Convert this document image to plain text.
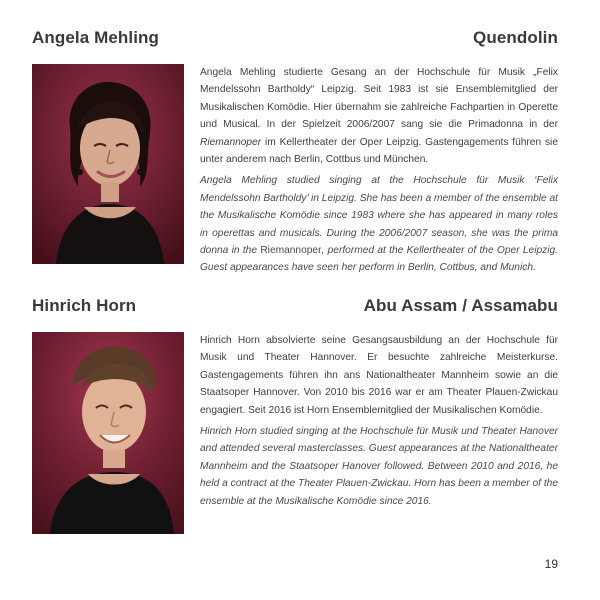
Angela Mehling	Quendolin

Angela Mehling studierte Gesang an der Hochschule für Musik „Felix Mendelssohn Bartholdy“ Leipzig. Seit 1983 ist sie Ensemblemitglied der Musikalischen Komödie. Hier übernahm sie zahlreiche Fachpartien in Operette und Musical. In der Spielzeit 2006/2007 sang sie die Primadonna in der Riemannoper im Kellertheater der Oper Leipzig. Gastengagements führen sie unter anderem nach Berlin, Cottbus und München.

Angela Mehling studied singing at the Hochschule für Musik ‘Felix Mendelssohn Bartholdy’ in Leipzig. She has been a member of the ensemble at the Musikalische Komödie since 1983 where she has appeared in many roles in operettas and musicals. During the 2006/2007 season, she was the prima donna in the Riemannoper, performed at the Kellertheater of the Oper Leipzig. Guest appearances have seen her perform in Berlin, Cottbus, and Munich.

Hinrich Horn	Abu Assam / Assamabu

Hinrich Horn absolvierte seine Gesangsausbildung an der Hochschule für Musik und Theater Hannover. Er besuchte zahlreiche Meisterkurse. Gastengagements führen ihn ans Nationaltheater Mannheim sowie an die Staatsoper Hannover. Von 2010 bis 2016 war er am Theater Plauen-Zwickau engagiert. Seit 2016 ist Horn Ensemblemitglied der Musikalischen Komödie.

Hinrich Horn studied singing at the Hochschule für Musik und Theater Hanover and attended several masterclasses. Guest appearances at the Nationaltheater Mannheim and the Staatsoper Hanover followed. Between 2010 and 2016, he held a contract at the Theater Plauen-Zwickau. Horn has been a member of the ensemble at the Musikalische Komödie since 2016.

19
